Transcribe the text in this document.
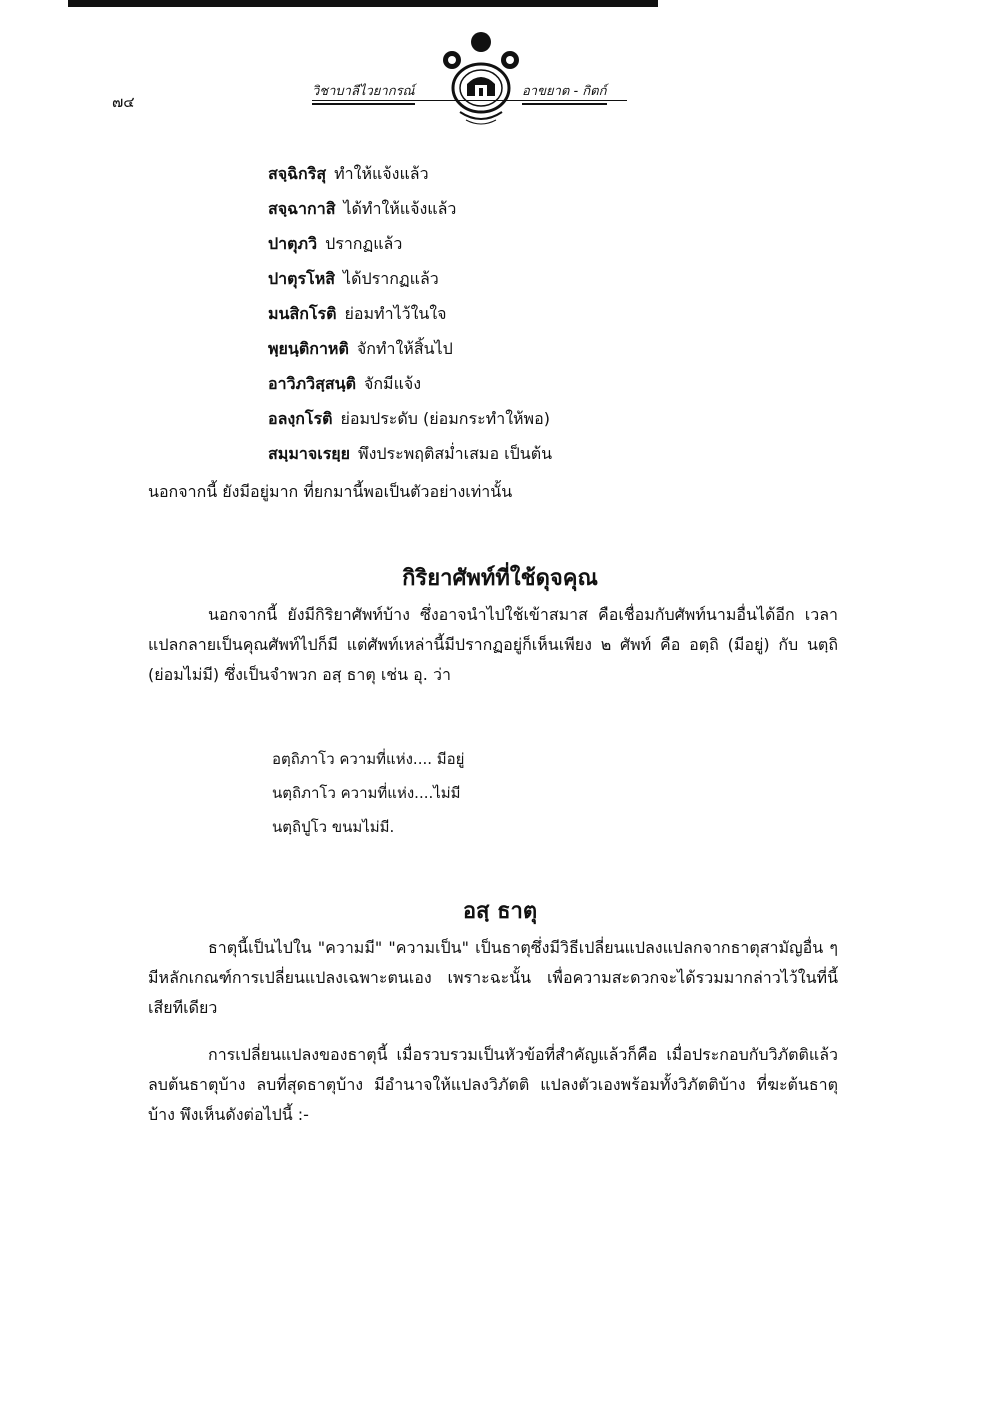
๗๔
วิชาบาลีไวยากรณ์	อาขยาต - กิตก์
สจฺฉิกริสุ ทำให้แจ้งแล้ว
สจฺฉากาสิ ได้ทำให้แจ้งแล้ว
ปาตุภวิ ปรากฏแล้ว
ปาตุรโหสิ ได้ปรากฏแล้ว
มนสิกโรติ ย่อมทำไว้ในใจ
พฺยนฺติกาหติ จักทำให้สิ้นไป
อาวิภวิสฺสนฺติ จักมีแจ้ง
อลงฺกโรติ ย่อมประดับ (ย่อมกระทำให้พอ)
สมฺมาจเรยฺย พึงประพฤติสม่ำเสมอ เป็นต้น
นอกจากนี้ ยังมีอยู่มาก ที่ยกมานี้พอเป็นตัวอย่างเท่านั้น
กิริยาศัพท์ที่ใช้ดุจคุณ

นอกจากนี้ ยังมีกิริยาศัพท์บ้าง ซึ่งอาจนำไปใช้เข้าสมาส คือเชื่อมกับศัพท์นามอื่นได้อีก เวลาแปลกลายเป็นคุณศัพท์ไปก็มี แต่ศัพท์เหล่านี้มีปรากฏอยู่ก็เห็นเพียง ๒ ศัพท์ คือ อตฺถิ (มีอยู่) กับ นตฺถิ (ย่อมไม่มี) ซึ่งเป็นจำพวก อสฺ ธาตุ เช่น อุ. ว่า

อตฺถิภาโว ความที่แห่ง.... มีอยู่
นตฺถิภาโว ความที่แห่ง....ไม่มี
นตฺถิปูโว ขนมไม่มี.
อสฺ ธาตุ

ธาตุนี้เป็นไปใน "ความมี" "ความเป็น" เป็นธาตุซึ่งมีวิธีเปลี่ยนแปลงแปลกจากธาตุสามัญอื่น ๆ มีหลักเกณฑ์การเปลี่ยนแปลงเฉพาะตนเอง เพราะฉะนั้น เพื่อความสะดวกจะได้รวมมากล่าวไว้ในที่นี้เสียทีเดียว

การเปลี่ยนแปลงของธาตุนี้ เมื่อรวบรวมเป็นหัวข้อที่สำคัญแล้วก็คือ เมื่อประกอบกับวิภัตติแล้ว ลบต้นธาตุบ้าง ลบที่สุดธาตุบ้าง มีอำนาจให้แปลงวิภัตติ แปลงตัวเองพร้อมทั้งวิภัตติบ้าง ที่ฆะต้นธาตุบ้าง พึงเห็นดังต่อไปนี้ :-
